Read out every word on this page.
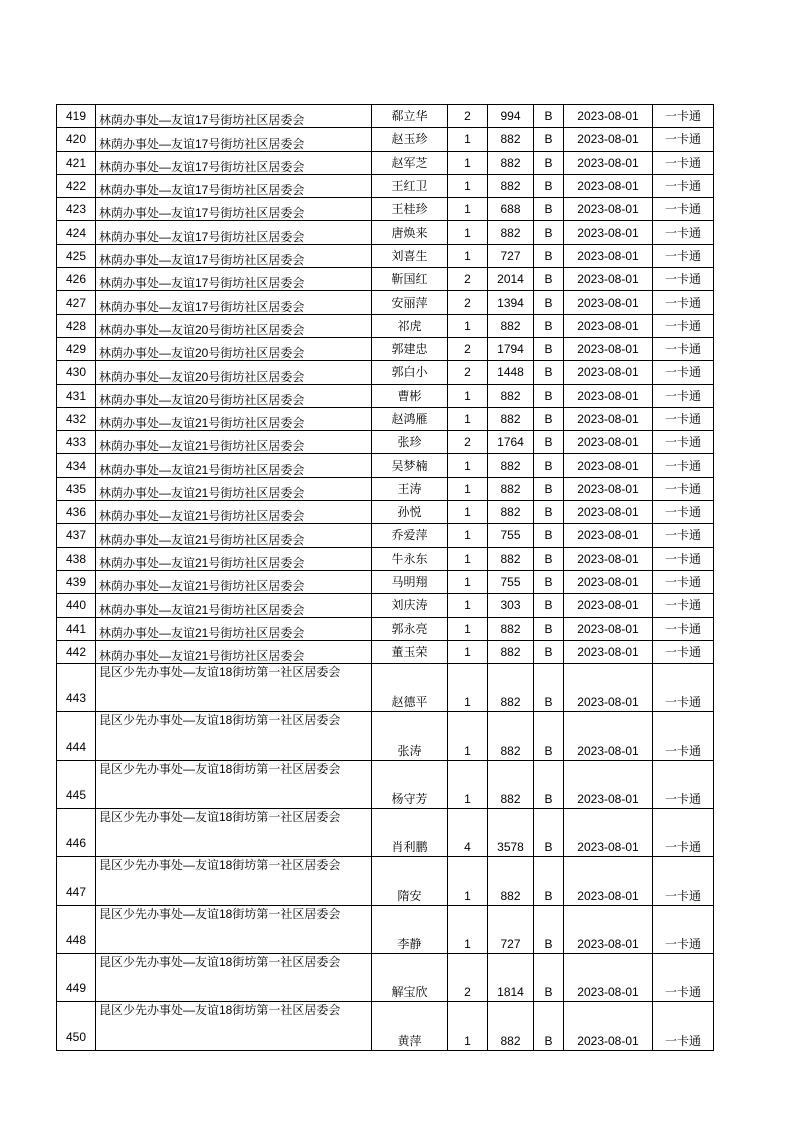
419	林荫办事处—友谊17号街坊社区居委会	郗立华	2	994	B	2023-08-01	一卡通
420	林荫办事处—友谊17号街坊社区居委会	赵玉珍	1	882	B	2023-08-01	一卡通
421	林荫办事处—友谊17号街坊社区居委会	赵军芝	1	882	B	2023-08-01	一卡通
422	林荫办事处—友谊17号街坊社区居委会	王红卫	1	882	B	2023-08-01	一卡通
423	林荫办事处—友谊17号街坊社区居委会	王桂珍	1	688	B	2023-08-01	一卡通
424	林荫办事处—友谊17号街坊社区居委会	唐焕来	1	882	B	2023-08-01	一卡通
425	林荫办事处—友谊17号街坊社区居委会	刘喜生	1	727	B	2023-08-01	一卡通
426	林荫办事处—友谊17号街坊社区居委会	靳国红	2	2014	B	2023-08-01	一卡通
427	林荫办事处—友谊17号街坊社区居委会	安丽萍	2	1394	B	2023-08-01	一卡通
428	林荫办事处—友谊20号街坊社区居委会	祁虎	1	882	B	2023-08-01	一卡通
429	林荫办事处—友谊20号街坊社区居委会	郭建忠	2	1794	B	2023-08-01	一卡通
430	林荫办事处—友谊20号街坊社区居委会	郭白小	2	1448	B	2023-08-01	一卡通
431	林荫办事处—友谊20号街坊社区居委会	曹彬	1	882	B	2023-08-01	一卡通
432	林荫办事处—友谊21号街坊社区居委会	赵鸿雁	1	882	B	2023-08-01	一卡通
433	林荫办事处—友谊21号街坊社区居委会	张珍	2	1764	B	2023-08-01	一卡通
434	林荫办事处—友谊21号街坊社区居委会	吴梦楠	1	882	B	2023-08-01	一卡通
435	林荫办事处—友谊21号街坊社区居委会	王涛	1	882	B	2023-08-01	一卡通
436	林荫办事处—友谊21号街坊社区居委会	孙悦	1	882	B	2023-08-01	一卡通
437	林荫办事处—友谊21号街坊社区居委会	乔爱萍	1	755	B	2023-08-01	一卡通
438	林荫办事处—友谊21号街坊社区居委会	牛永东	1	882	B	2023-08-01	一卡通
439	林荫办事处—友谊21号街坊社区居委会	马明翔	1	755	B	2023-08-01	一卡通
440	林荫办事处—友谊21号街坊社区居委会	刘庆涛	1	303	B	2023-08-01	一卡通
441	林荫办事处—友谊21号街坊社区居委会	郭永亮	1	882	B	2023-08-01	一卡通
442	林荫办事处—友谊21号街坊社区居委会	董玉荣	1	882	B	2023-08-01	一卡通
443	昆区少先办事处—友谊18街坊第一社区居委会	赵德平	1	882	B	2023-08-01	一卡通
444	昆区少先办事处—友谊18街坊第一社区居委会	张涛	1	882	B	2023-08-01	一卡通
445	昆区少先办事处—友谊18街坊第一社区居委会	杨守芳	1	882	B	2023-08-01	一卡通
446	昆区少先办事处—友谊18街坊第一社区居委会	肖利鹏	4	3578	B	2023-08-01	一卡通
447	昆区少先办事处—友谊18街坊第一社区居委会	隋安	1	882	B	2023-08-01	一卡通
448	昆区少先办事处—友谊18街坊第一社区居委会	李静	1	727	B	2023-08-01	一卡通
449	昆区少先办事处—友谊18街坊第一社区居委会	解宝欣	2	1814	B	2023-08-01	一卡通
450	昆区少先办事处—友谊18街坊第一社区居委会	黄萍	1	882	B	2023-08-01	一卡通
